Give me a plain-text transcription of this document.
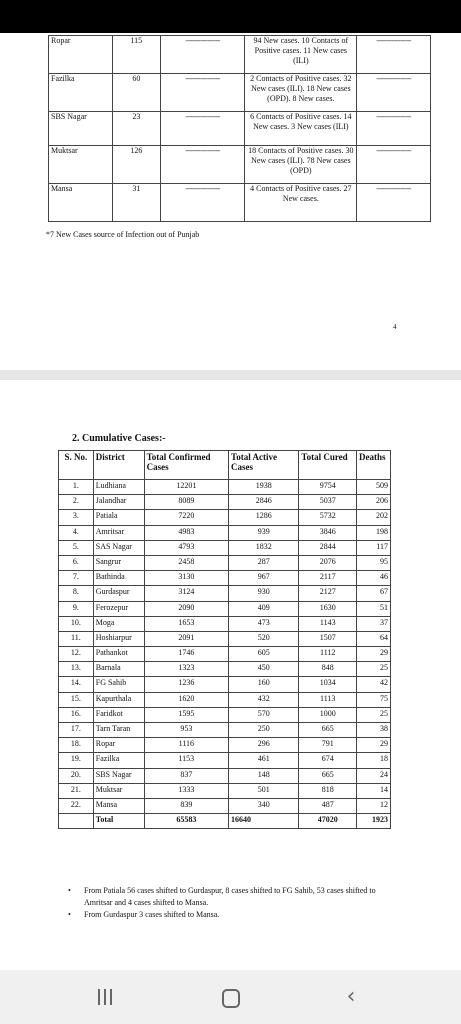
Ropar	115	----------------	94 New cases. 10 Contacts of Positive cases. 11 New cases (ILI)	----------------
Fazilka	60	----------------	2 Contacts of Positive cases. 32 New cases (ILI). 18 New cases (OPD). 8 New cases.	----------------
SBS Nagar	23	----------------	6 Contacts of Positive cases. 14 New cases. 3 New cases (ILI)	----------------
Muktsar	126	----------------	18 Contacts of Positive cases. 30 New cases (ILI). 78 New cases (OPD)	----------------
Mansa	31	----------------	4 Contacts of Positive cases. 27 New cases.	----------------
*7 New Cases source of Infection out of Punjab
4
2. Cumulative Cases:-
S. No.	District	Total Confirmed Cases	Total Active Cases	Total Cured	Deaths
1.	Ludhiana	12201	1938	9754	509
2.	Jalandhar	8089	2846	5037	206
3.	Patiala	7220	1286	5732	202
4.	Amritsar	4983	939	3846	198
5.	SAS Nagar	4793	1832	2844	117
6.	Sangrur	2458	287	2076	95
7.	Bathinda	3130	967	2117	46
8.	Gurdaspur	3124	930	2127	67
9.	Ferozepur	2090	409	1630	51
10.	Moga	1653	473	1143	37
11.	Hoshiarpur	2091	520	1507	64
12.	Pathankot	1746	605	1112	29
13.	Barnala	1323	450	848	25
14.	FG Sahib	1236	160	1034	42
15.	Kapurthala	1620	432	1113	75
16.	Faridkot	1595	570	1000	25
17.	Tarn Taran	953	250	665	38
18.	Ropar	1116	296	791	29
19.	Fazilka	1153	461	674	18
20.	SBS Nagar	837	148	665	24
21.	Muktsar	1333	501	818	14
22.	Mansa	839	340	487	12
	Total	65583	16640	47020	1923
• From Patiala 56 cases shifted to Gurdaspur, 8 cases shifted to FG Sahib, 53 cases shifted to Amritsar and 4 cases shifted to Mansa.
• From Gurdaspur 3 cases shifted to Mansa.
‹
